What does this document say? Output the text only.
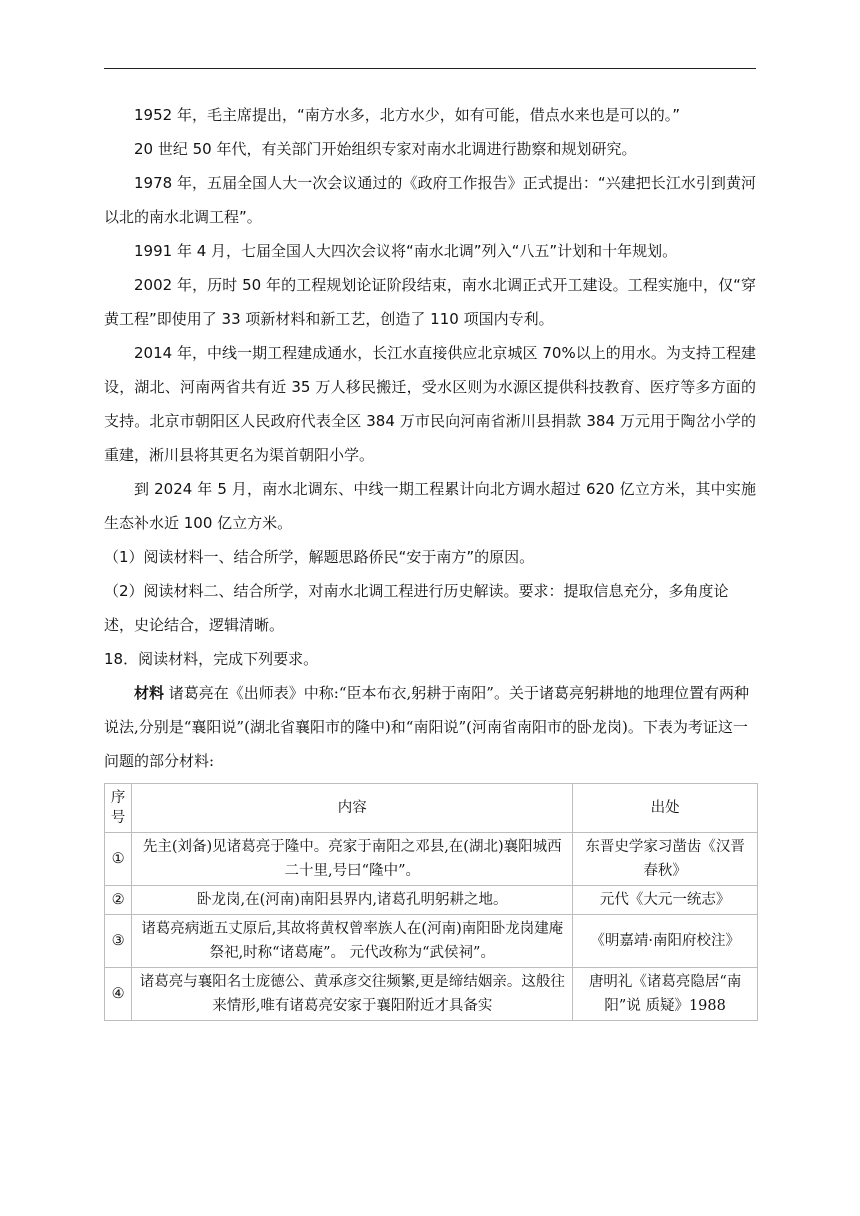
1952 年，毛主席提出，“南方水多，北方水少，如有可能，借点水来也是可以的。”

20 世纪 50 年代，有关部门开始组织专家对南水北调进行勘察和规划研究。

1978 年，五届全国人大一次会议通过的《政府工作报告》正式提出：“兴建把长江水引到黄河以北的南水北调工程”。

1991 年 4 月，七届全国人大四次会议将“南水北调”列入“八五”计划和十年规划。

2002 年，历时 50 年的工程规划论证阶段结束，南水北调正式开工建设。工程实施中，仅“穿黄工程”即使用了 33 项新材料和新工艺，创造了 110 项国内专利。

2014 年，中线一期工程建成通水，长江水直接供应北京城区 70%以上的用水。为支持工程建设，湖北、河南两省共有近 35 万人移民搬迁，受水区则为水源区提供科技教育、医疗等多方面的支持。北京市朝阳区人民政府代表全区 384 万市民向河南省淅川县捐款 384 万元用于陶岔小学的重建，淅川县将其更名为渠首朝阳小学。

到 2024 年 5 月，南水北调东、中线一期工程累计向北方调水超过 620 亿立方米，其中实施生态补水近 100 亿立方米。

（1）阅读材料一、结合所学，解题思路侨民“安于南方”的原因。

（2）阅读材料二、结合所学，对南水北调工程进行历史解读。要求：提取信息充分，多角度论述，史论结合，逻辑清晰。

18．阅读材料，完成下列要求。

材料 诸葛亮在《出师表》中称:“臣本布衣,躬耕于南阳”。关于诸葛亮躬耕地的地理位置有两种说法,分别是“襄阳说”(湖北省襄阳市的隆中)和“南阳说”(河南省南阳市的卧龙岗)。下表为考证这一问题的部分材料:

序号	内容	出处
①	先主(刘备)见诸葛亮于隆中。亮家于南阳之邓县,在(湖北)襄阳城西二十里,号曰“隆中”。	东晋史学家习凿齿《汉晋春秋》
②	卧龙岗,在(河南)南阳县界内,诸葛孔明躬耕之地。	元代《大元一统志》
③	诸葛亮病逝五丈原后,其故将黄权曾率族人在(河南)南阳卧龙岗建庵祭祀,时称“诸葛庵”。 元代改称为“武侯祠”。	《明嘉靖·南阳府校注》
④	诸葛亮与襄阳名士庞德公、黄承彦交往频繁,更是缔结姻亲。这般往来情形,唯有诸葛亮安家于襄阳附近才具备实	唐明礼《诸葛亮隐居“南阳”说 质疑》1988
